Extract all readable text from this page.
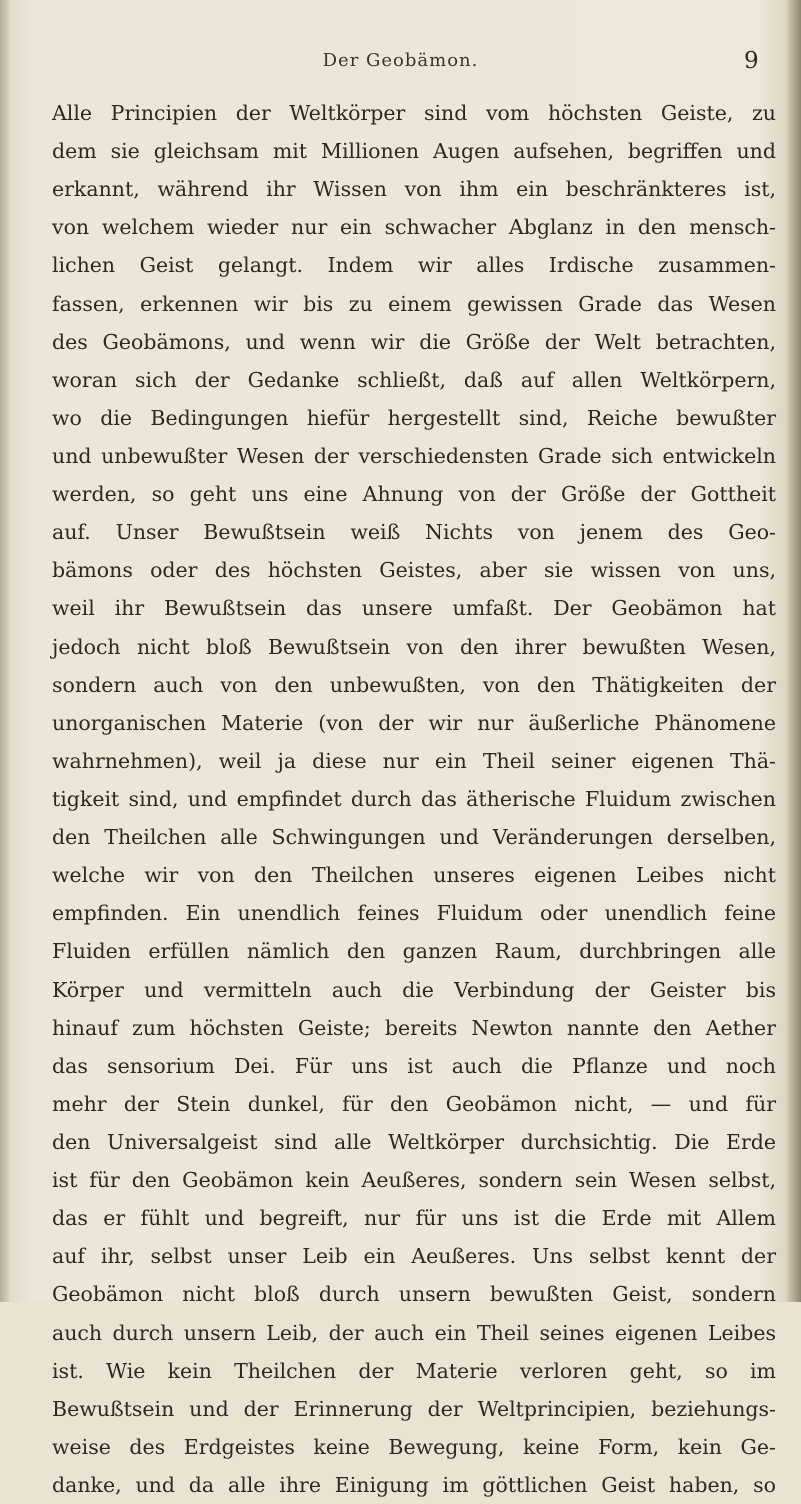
Der Geobämon.	9
Alle Principien der Weltkörper sind vom höchsten Geiste, zu
dem sie gleichsam mit Millionen Augen aufsehen, begriffen und
erkannt, während ihr Wissen von ihm ein beschränkteres ist,
von welchem wieder nur ein schwacher Abglanz in den mensch-
lichen Geist gelangt. Indem wir alles Irdische zusammen-
fassen, erkennen wir bis zu einem gewissen Grade das Wesen
des Geobämons, und wenn wir die Größe der Welt betrachten,
woran sich der Gedanke schließt, daß auf allen Weltkörpern,
wo die Bedingungen hiefür hergestellt sind, Reiche bewußter
und unbewußter Wesen der verschiedensten Grade sich entwickeln
werden, so geht uns eine Ahnung von der Größe der Gottheit
auf. Unser Bewußtsein weiß Nichts von jenem des Geo-
bämons oder des höchsten Geistes, aber sie wissen von uns,
weil ihr Bewußtsein das unsere umfaßt. Der Geobämon hat
jedoch nicht bloß Bewußtsein von den ihrer bewußten Wesen,
sondern auch von den unbewußten, von den Thätigkeiten der
unorganischen Materie (von der wir nur äußerliche Phänomene
wahrnehmen), weil ja diese nur ein Theil seiner eigenen Thä-
tigkeit sind, und empfindet durch das ätherische Fluidum zwischen
den Theilchen alle Schwingungen und Veränderungen derselben,
welche wir von den Theilchen unseres eigenen Leibes nicht
empfinden. Ein unendlich feines Fluidum oder unendlich feine
Fluiden erfüllen nämlich den ganzen Raum, durchbringen alle
Körper und vermitteln auch die Verbindung der Geister bis
hinauf zum höchsten Geiste; bereits Newton nannte den Aether
das sensorium Dei. Für uns ist auch die Pflanze und noch
mehr der Stein dunkel, für den Geobämon nicht, — und für
den Universalgeist sind alle Weltkörper durchsichtig. Die Erde
ist für den Geobämon kein Aeußeres, sondern sein Wesen selbst,
das er fühlt und begreift, nur für uns ist die Erde mit Allem
auf ihr, selbst unser Leib ein Aeußeres. Uns selbst kennt der
Geobämon nicht bloß durch unsern bewußten Geist, sondern
auch durch unsern Leib, der auch ein Theil seines eigenen Leibes
ist. Wie kein Theilchen der Materie verloren geht, so im
Bewußtsein und der Erinnerung der Weltprincipien, beziehungs-
weise des Erdgeistes keine Bewegung, keine Form, kein Ge-
danke, und da alle ihre Einigung im göttlichen Geist haben, so
